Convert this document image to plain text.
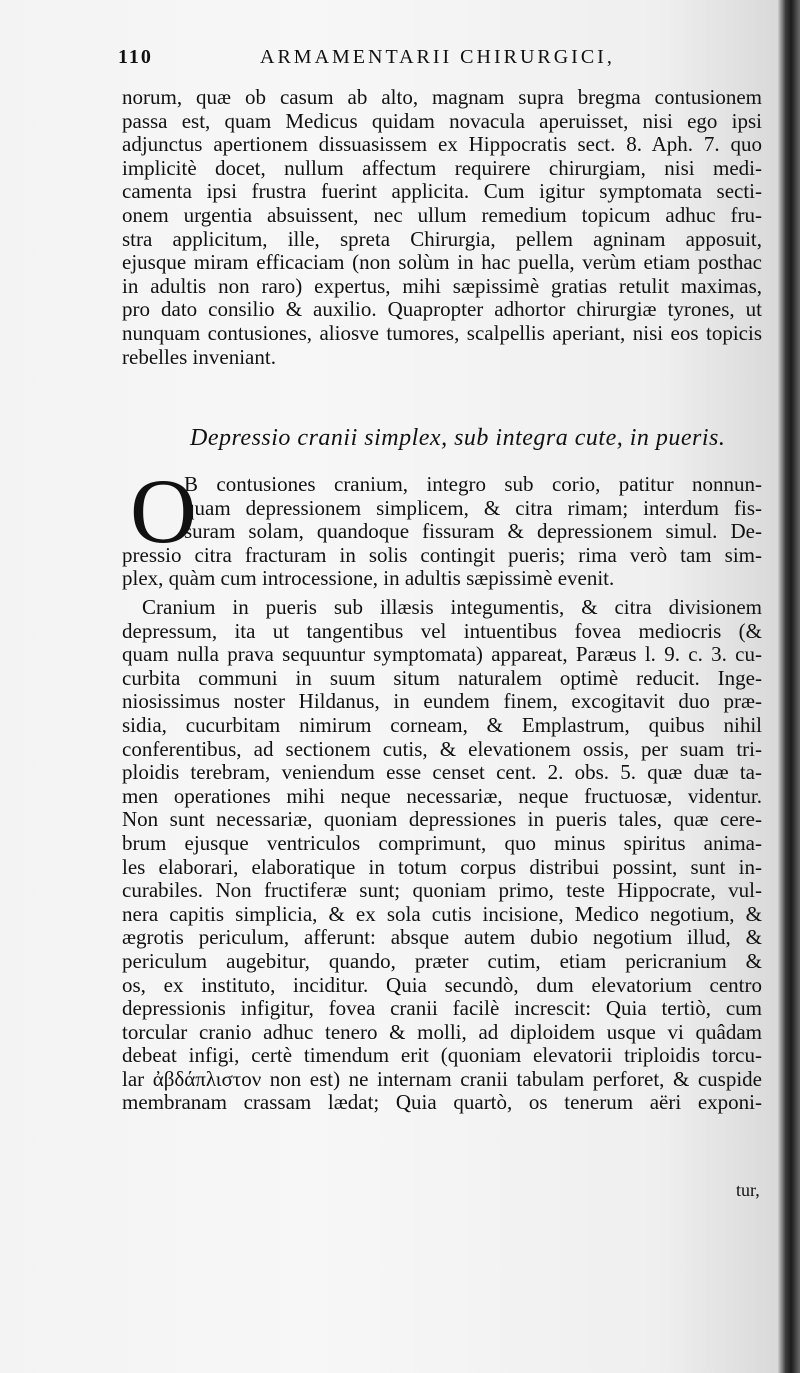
110	ARMAMENTARII CHIRURGICI,
norum, quæ ob casum ab alto, magnam supra bregma contusionem
passa est, quam Medicus quidam novacula aperuisset, nisi ego ipsi
adjunctus apertionem dissuasissem ex Hippocratis sect. 8. Aph. 7. quo
implicitè docet, nullum affectum requirere chirurgiam, nisi medi-
camenta ipsi frustra fuerint applicita. Cum igitur symptomata secti-
onem urgentia absuissent, nec ullum remedium topicum adhuc fru-
stra applicitum, ille, spreta Chirurgia, pellem agninam apposuit,
ejusque miram efficaciam (non solùm in hac puella, verùm etiam posthac
in adultis non raro) expertus, mihi sæpissimè gratias retulit maximas,
pro dato consilio & auxilio. Quapropter adhortor chirurgiæ tyrones, ut
nunquam contusiones, aliosve tumores, scalpellis aperiant, nisi eos topicis
rebelles inveniant.
Depressio cranii simplex, sub integra cute, in pueris.
O
B contusiones cranium, integro sub corio, patitur nonnun-
quam depressionem simplicem, & citra rimam; interdum fis-
suram solam, quandoque fissuram & depressionem simul. De-
pressio citra fracturam in solis contingit pueris; rima verò tam sim-
plex, quàm cum introcessione, in adultis sæpissimè evenit.
Cranium in pueris sub illæsis integumentis, & citra divisionem
depressum, ita ut tangentibus vel intuentibus fovea mediocris (&
quam nulla prava sequuntur symptomata) appareat, Paræus l. 9. c. 3. cu-
curbita communi in suum situm naturalem optimè reducit. Inge-
niosissimus noster Hildanus, in eundem finem, excogitavit duo præ-
sidia, cucurbitam nimirum corneam, & Emplastrum, quibus nihil
conferentibus, ad sectionem cutis, & elevationem ossis, per suam tri-
ploidis terebram, veniendum esse censet cent. 2. obs. 5. quæ duæ ta-
men operationes mihi neque necessariæ, neque fructuosæ, videntur.
Non sunt necessariæ, quoniam depressiones in pueris tales, quæ cere-
brum ejusque ventriculos comprimunt, quo minus spiritus anima-
les elaborari, elaboratique in totum corpus distribui possint, sunt in-
curabiles. Non fructiferæ sunt; quoniam primo, teste Hippocrate, vul-
nera capitis simplicia, & ex sola cutis incisione, Medico negotium, &
ægrotis periculum, afferunt: absque autem dubio negotium illud, &
periculum augebitur, quando, præter cutim, etiam pericranium &
os, ex instituto, inciditur. Quia secundò, dum elevatorium centro
depressionis infigitur, fovea cranii facilè increscit: Quia tertiò, cum
torcular cranio adhuc tenero & molli, ad diploidem usque vi quâdam
debeat infigi, certè timendum erit (quoniam elevatorii triploidis torcu-
lar ἀβδάπλιστον non est) ne internam cranii tabulam perforet, & cuspide
membranam crassam lædat; Quia quartò, os tenerum aëri exponi-
tur,
